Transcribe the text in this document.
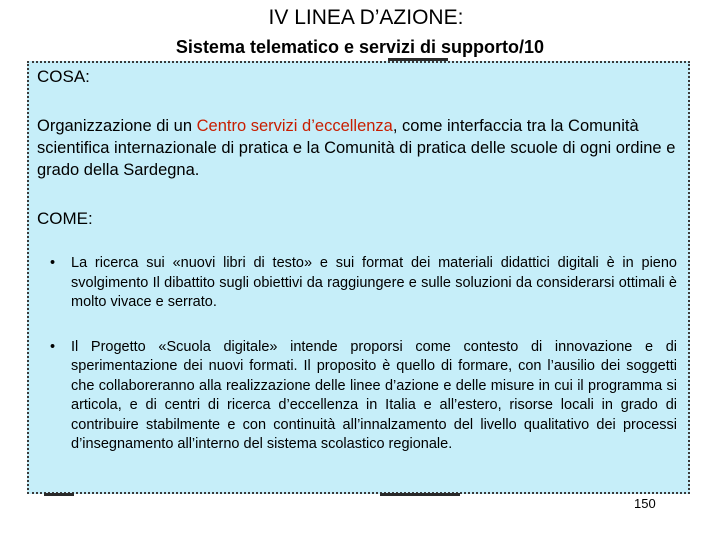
IV LINEA D’AZIONE:
Sistema telematico e servizi di supporto/10
COSA:
Organizzazione di un Centro servizi d’eccellenza, come interfaccia tra la Comunità scientifica internazionale di pratica e la Comunità di pratica delle scuole di ogni ordine e grado della Sardegna.
COME:
• La ricerca sui «nuovi libri di testo» e sui format dei materiali didattici digitali è in pieno svolgimento Il dibattito sugli obiettivi da raggiungere e sulle soluzioni da considerarsi ottimali è molto vivace e serrato.
• Il Progetto «Scuola digitale» intende proporsi come contesto di innovazione e di sperimentazione dei nuovi formati. Il proposito è quello di formare, con l’ausilio dei soggetti che collaboreranno alla realizzazione delle linee d’azione e delle misure in cui il programma si articola, e di centri di ricerca d’eccellenza in Italia e all’estero, risorse locali in grado di contribuire stabilmente e con continuità all’innalzamento del livello qualitativo dei processi d’insegnamento all’interno del sistema scolastico regionale.
150
